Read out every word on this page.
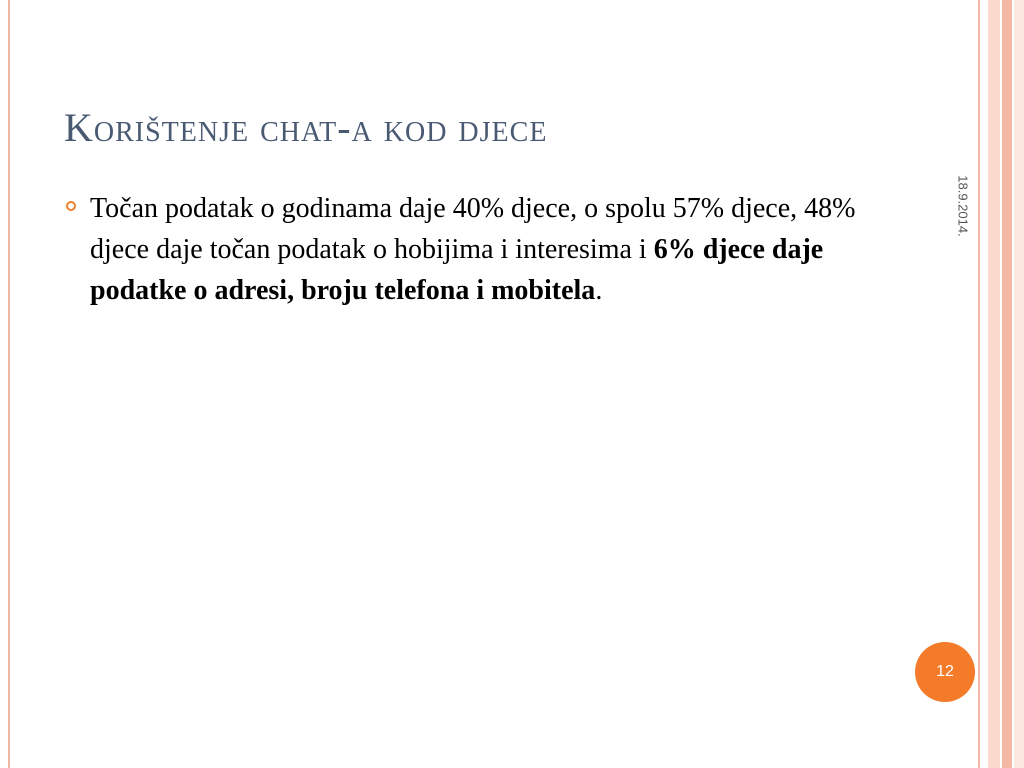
Korištenje chat-a kod djece
18.9.2014.
Točan podatak o godinama daje 40% djece, o spolu 57% djece, 48% djece daje točan podatak o hobijima i interesima i 6% djece daje podatke o adresi, broju telefona i mobitela.
12
